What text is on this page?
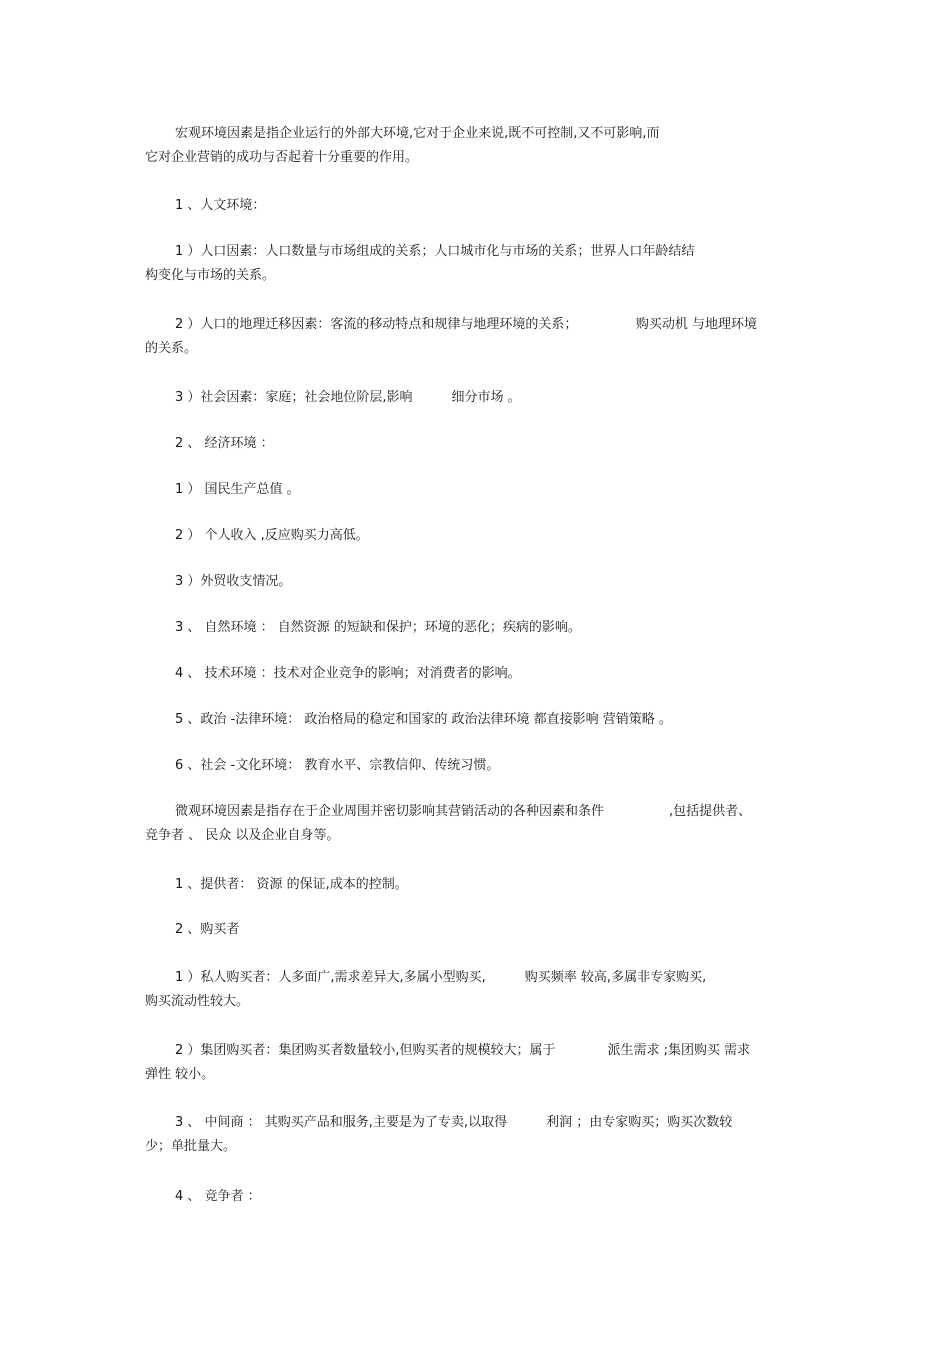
宏观环境因素是指企业运行的外部大环境,它对于企业来说,既不可控制,又不可影响,而
它对企业营销的成功与否起着十分重要的作用。
1 、人文环境：
1 ）人口因素：人口数量与市场组成的关系；人口城市化与市场的关系；世界人口年龄结结
构变化与市场的关系。
2 ）人口的地理迁移因素：客流的移动特点和规律与地理环境的关系；　　　　　购买动机 与地理环境
的关系。
3 ）社会因素：家庭；社会地位阶层,影响　　　细分市场 。
2 、 经济环境 ：
1 ） 国民生产总值 。
2 ） 个人收入 ,反应购买力高低。
3 ）外贸收支情况。
3 、 自然环境 ： 自然资源 的短缺和保护；环境的恶化；疾病的影响。
4 、 技术环境 ：技术对企业竞争的影响；对消费者的影响。
5 、政治 -法律环境： 政治格局的稳定和国家的 政治法律环境 都直接影响 营销策略 。
6 、社会 -文化环境： 教育水平、宗教信仰、传统习惯。
微观环境因素是指存在于企业周围并密切影响其营销活动的各种因素和条件　　　　　,包括提供者、
竞争者 、 民众 以及企业自身等。
1 、提供者： 资源 的保证,成本的控制。
2 、购买者
1 ）私人购买者：人多面广,需求差异大,多属小型购买,　　　购买频率 较高,多属非专家购买,
购买流动性较大。
2 ）集团购买者：集团购买者数量较小,但购买者的规模较大；属于　　　　派生需求 ;集团购买 需求
弹性 较小。
3 、 中间商 ： 其购买产品和服务,主要是为了专卖,以取得　　　利润 ；由专家购买；购买次数较
少；单批量大。
4 、 竞争者 ：
